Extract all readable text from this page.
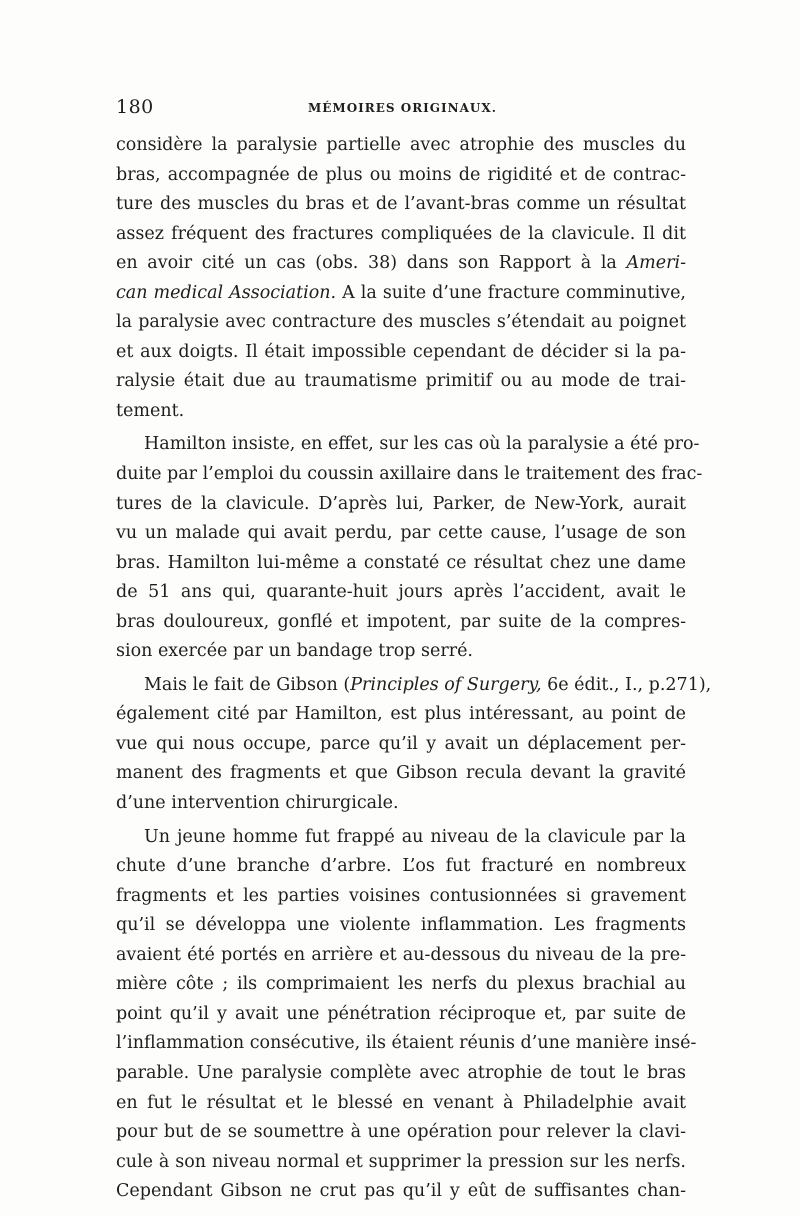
180	MÉMOIRES ORIGINAUX.
considère la paralysie partielle avec atrophie des muscles du
bras, accompagnée de plus ou moins de rigidité et de contrac-
ture des muscles du bras et de l’avant-bras comme un résultat
assez fréquent des fractures compliquées de la clavicule. Il dit
en avoir cité un cas (obs. 38) dans son Rapport à la Ameri-
can medical Association. A la suite d’une fracture comminutive,
la paralysie avec contracture des muscles s’étendait au poignet
et aux doigts. Il était impossible cependant de décider si la pa-
ralysie était due au traumatisme primitif ou au mode de trai-
tement.
Hamilton insiste, en effet, sur les cas où la paralysie a été pro-
duite par l’emploi du coussin axillaire dans le traitement des frac-
tures de la clavicule. D’après lui, Parker, de New-York, aurait
vu un malade qui avait perdu, par cette cause, l’usage de son
bras. Hamilton lui-même a constaté ce résultat chez une dame
de 51 ans qui, quarante-huit jours après l’accident, avait le
bras douloureux, gonflé et impotent, par suite de la compres-
sion exercée par un bandage trop serré.
Mais le fait de Gibson (Principles of Surgery, 6e édit., I., p.271),
également cité par Hamilton, est plus intéressant, au point de
vue qui nous occupe, parce qu’il y avait un déplacement per-
manent des fragments et que Gibson recula devant la gravité
d’une intervention chirurgicale.
Un jeune homme fut frappé au niveau de la clavicule par la
chute d’une branche d’arbre. L’os fut fracturé en nombreux
fragments et les parties voisines contusionnées si gravement
qu’il se développa une violente inflammation. Les fragments
avaient été portés en arrière et au-dessous du niveau de la pre-
mière côte ; ils comprimaient les nerfs du plexus brachial au
point qu’il y avait une pénétration réciproque et, par suite de
l’inflammation consécutive, ils étaient réunis d’une manière insé-
parable. Une paralysie complète avec atrophie de tout le bras
en fut le résultat et le blessé en venant à Philadelphie avait
pour but de se soumettre à une opération pour relever la clavi-
cule à son niveau normal et supprimer la pression sur les nerfs.
Cependant Gibson ne crut pas qu’il y eût de suffisantes chan-
